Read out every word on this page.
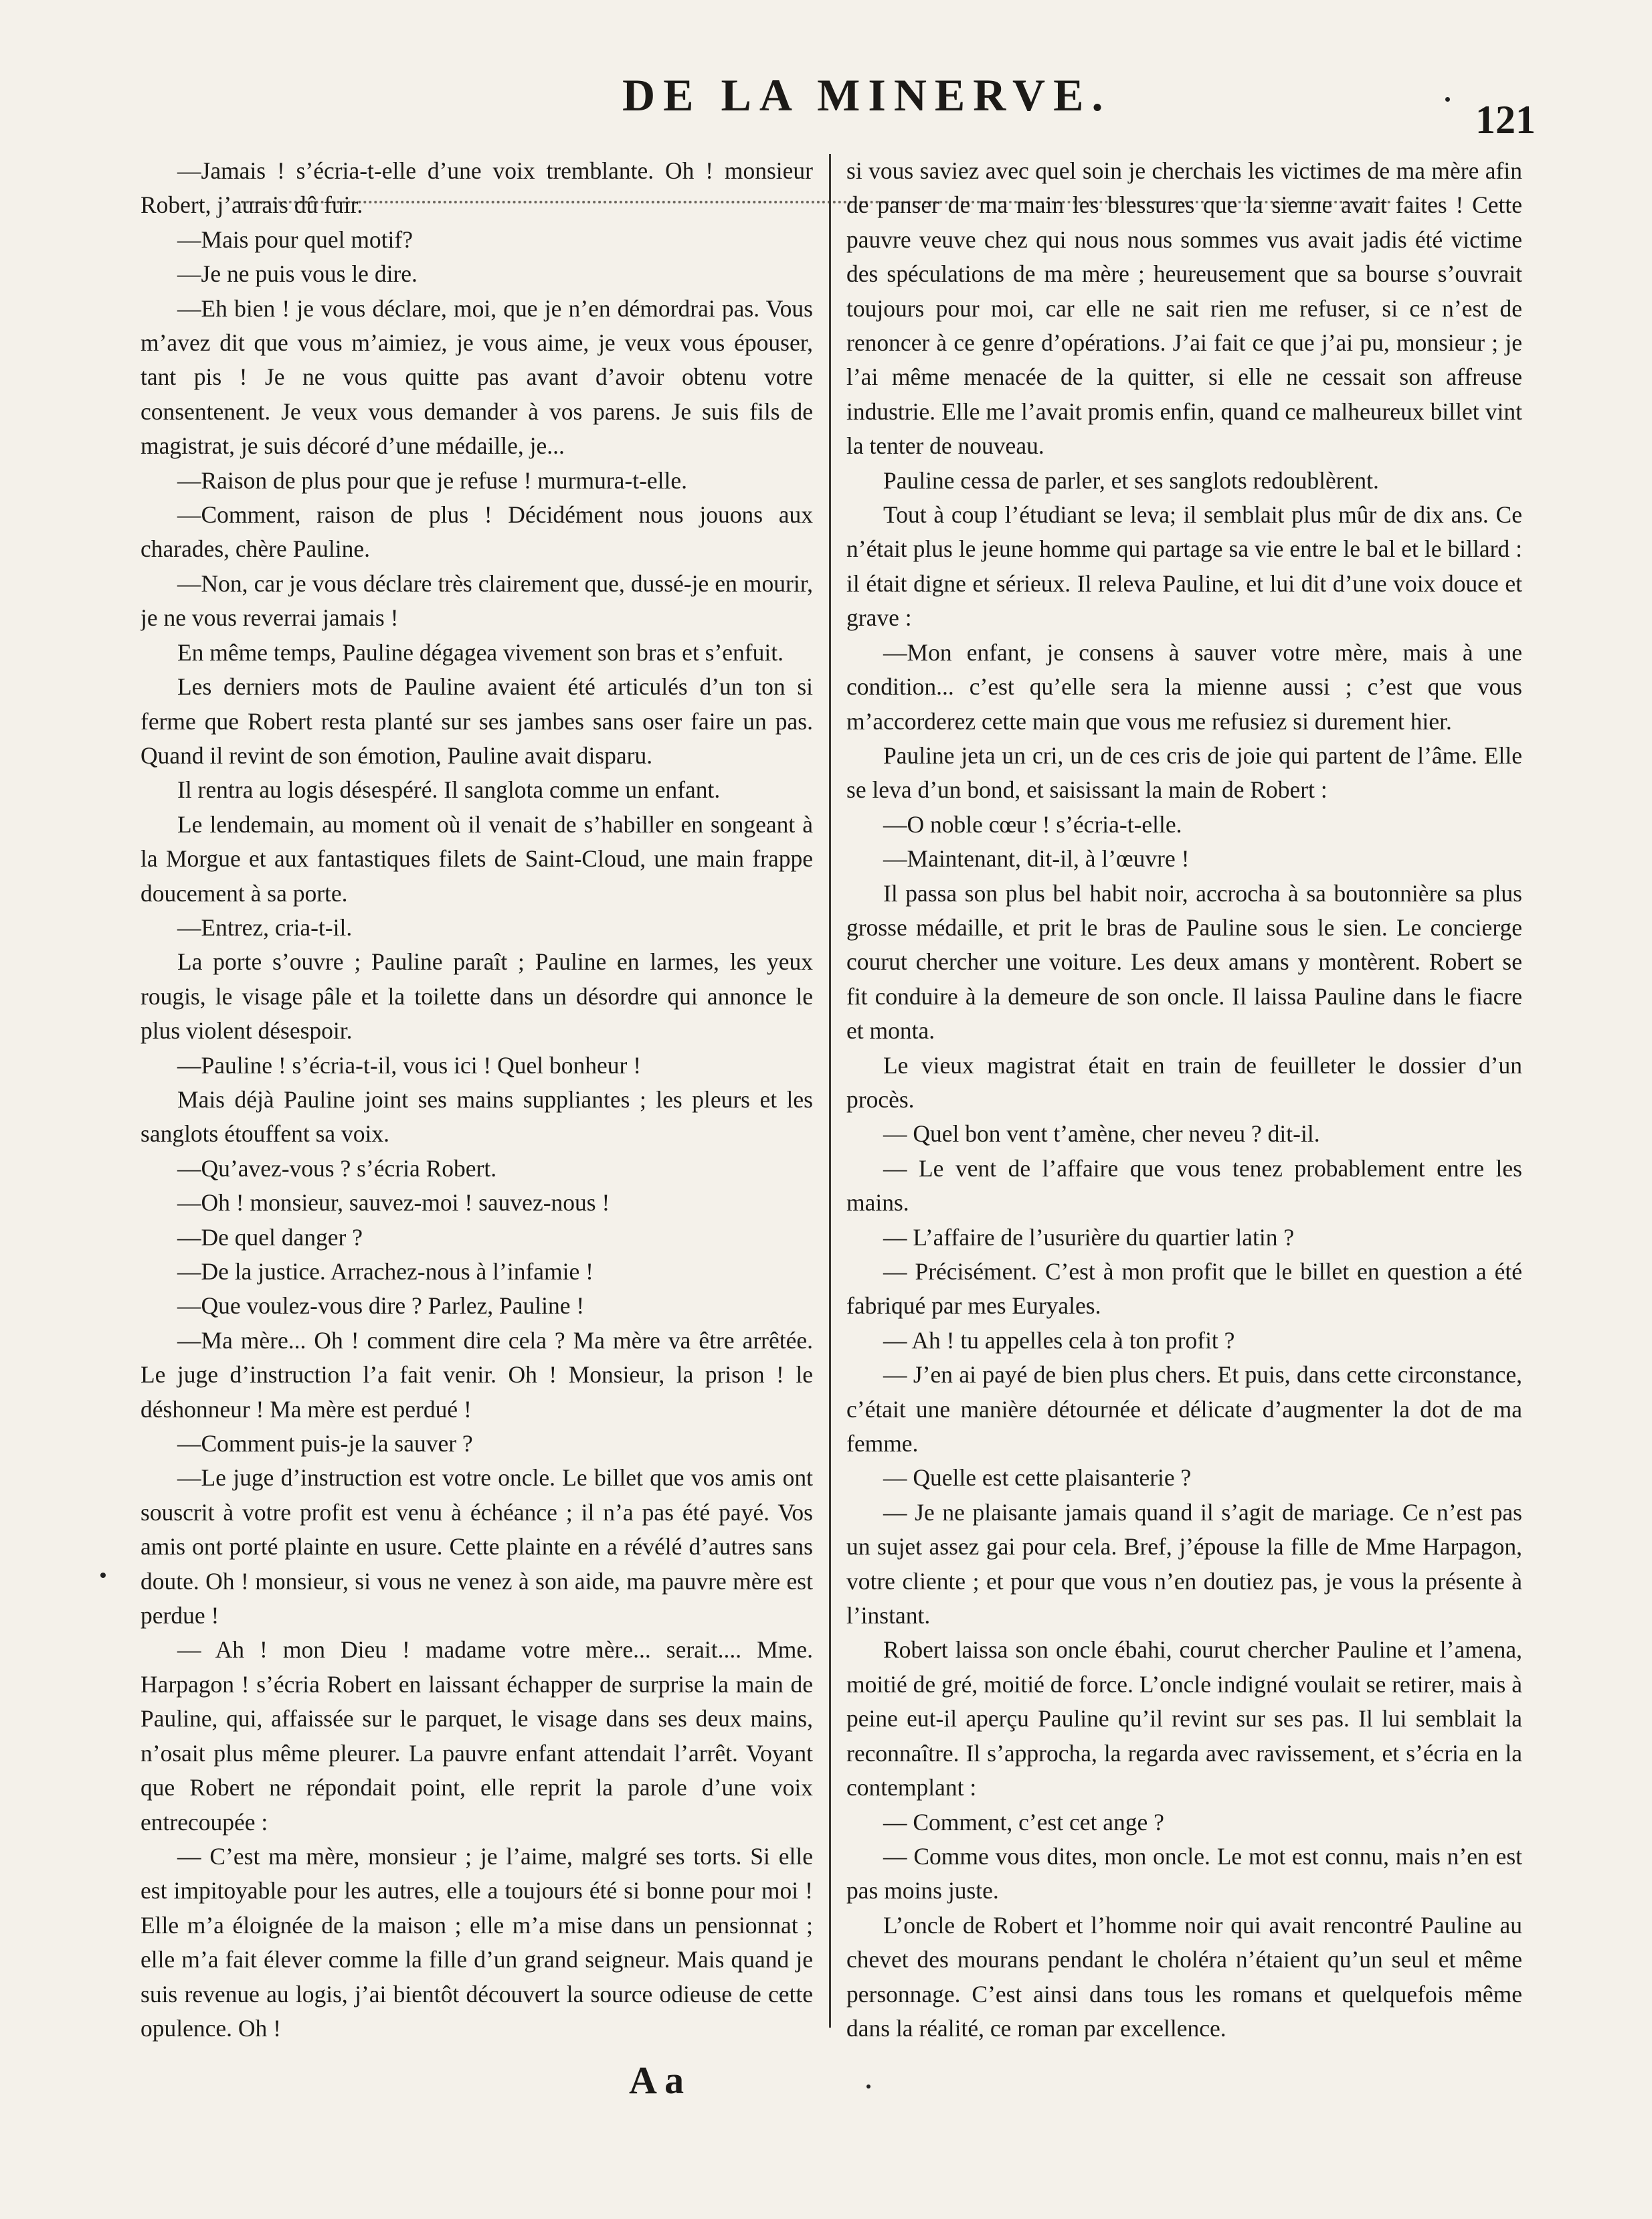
DE LA MINERVE.	121

—Jamais ! s’écria-t-elle d’une voix tremblante. Oh ! monsieur Robert, j’aurais dû fuir.

—Mais pour quel motif?

—Je ne puis vous le dire.

—Eh bien ! je vous déclare, moi, que je n’en démordrai pas. Vous m’avez dit que vous m’aimiez, je vous aime, je veux vous épouser, tant pis ! Je ne vous quitte pas avant d’avoir obtenu votre consentenent. Je veux vous demander à vos parens. Je suis fils de magistrat, je suis décoré d’une médaille, je...

—Raison de plus pour que je refuse ! murmura-t-elle.

—Comment, raison de plus ! Décidément nous jouons aux charades, chère Pauline.

—Non, car je vous déclare très clairement que, dussé-je en mourir, je ne vous reverrai jamais !

En même temps, Pauline dégagea vivement son bras et s’enfuit.

Les derniers mots de Pauline avaient été articulés d’un ton si ferme que Robert resta planté sur ses jambes sans oser faire un pas. Quand il revint de son émotion, Pauline avait disparu.

Il rentra au logis désespéré. Il sanglota comme un enfant.

Le lendemain, au moment où il venait de s’habiller en songeant à la Morgue et aux fantastiques filets de Saint-Cloud, une main frappe doucement à sa porte.

—Entrez, cria-t-il.

La porte s’ouvre ; Pauline paraît ; Pauline en larmes, les yeux rougis, le visage pâle et la toilette dans un désordre qui annonce le plus violent désespoir.

—Pauline ! s’écria-t-il, vous ici ! Quel bonheur !

Mais déjà Pauline joint ses mains suppliantes ; les pleurs et les sanglots étouffent sa voix.

—Qu’avez-vous ? s’écria Robert.

—Oh ! monsieur, sauvez-moi ! sauvez-nous !

—De quel danger ?

—De la justice. Arrachez-nous à l’infamie !

—Que voulez-vous dire ? Parlez, Pauline !

—Ma mère... Oh ! comment dire cela ? Ma mère va être arrêtée. Le juge d’instruction l’a fait venir. Oh ! Monsieur, la prison ! le déshonneur ! Ma mère est perdué !

—Comment puis-je la sauver ?

—Le juge d’instruction est votre oncle. Le billet que vos amis ont souscrit à votre profit est venu à échéance ; il n’a pas été payé. Vos amis ont porté plainte en usure. Cette plainte en a révélé d’autres sans doute. Oh ! monsieur, si vous ne venez à son aide, ma pauvre mère est perdue !

— Ah ! mon Dieu ! madame votre mère... serait.... Mme. Harpagon ! s’écria Robert en laissant échapper de surprise la main de Pauline, qui, affaissée sur le parquet, le visage dans ses deux mains, n’osait plus même pleurer. La pauvre enfant attendait l’arrêt. Voyant que Robert ne répondait point, elle reprit la parole d’une voix entrecoupée :

— C’est ma mère, monsieur ; je l’aime, malgré ses torts. Si elle est impitoyable pour les autres, elle a toujours été si bonne pour moi ! Elle m’a éloignée de la maison ; elle m’a mise dans un pensionnat ; elle m’a fait élever comme la fille d’un grand seigneur. Mais quand je suis revenue au logis, j’ai bientôt découvert la source odieuse de cette opulence. Oh !

si vous saviez avec quel soin je cherchais les victimes de ma mère afin de panser de ma main les blessures que la sienne avait faites ! Cette pauvre veuve chez qui nous nous sommes vus avait jadis été victime des spéculations de ma mère ; heureusement que sa bourse s’ouvrait toujours pour moi, car elle ne sait rien me refuser, si ce n’est de renoncer à ce genre d’opérations. J’ai fait ce que j’ai pu, monsieur ; je l’ai même menacée de la quitter, si elle ne cessait son affreuse industrie. Elle me l’avait promis enfin, quand ce malheureux billet vint la tenter de nouveau.

Pauline cessa de parler, et ses sanglots redoublèrent.

Tout à coup l’étudiant se leva; il semblait plus mûr de dix ans. Ce n’était plus le jeune homme qui partage sa vie entre le bal et le billard : il était digne et sérieux. Il releva Pauline, et lui dit d’une voix douce et grave :

—Mon enfant, je consens à sauver votre mère, mais à une condition... c’est qu’elle sera la mienne aussi ; c’est que vous m’accorderez cette main que vous me refusiez si durement hier.

Pauline jeta un cri, un de ces cris de joie qui partent de l’âme. Elle se leva d’un bond, et saisissant la main de Robert :

—O noble cœur ! s’écria-t-elle.

—Maintenant, dit-il, à l’œuvre !

Il passa son plus bel habit noir, accrocha à sa boutonnière sa plus grosse médaille, et prit le bras de Pauline sous le sien. Le concierge courut chercher une voiture. Les deux amans y montèrent. Robert se fit conduire à la demeure de son oncle. Il laissa Pauline dans le fiacre et monta.

Le vieux magistrat était en train de feuilleter le dossier d’un procès.

— Quel bon vent t’amène, cher neveu ? dit-il.

— Le vent de l’affaire que vous tenez probablement entre les mains.

— L’affaire de l’usurière du quartier latin ?

— Précisément. C’est à mon profit que le billet en question a été fabriqué par mes Euryales.

— Ah ! tu appelles cela à ton profit ?

— J’en ai payé de bien plus chers. Et puis, dans cette circonstance, c’était une manière détournée et délicate d’augmenter la dot de ma femme.

— Quelle est cette plaisanterie ?

— Je ne plaisante jamais quand il s’agit de mariage. Ce n’est pas un sujet assez gai pour cela. Bref, j’épouse la fille de Mme Harpagon, votre cliente ; et pour que vous n’en doutiez pas, je vous la présente à l’instant.

Robert laissa son oncle ébahi, courut chercher Pauline et l’amena, moitié de gré, moitié de force. L’oncle indigné voulait se retirer, mais à peine eut-il aperçu Pauline qu’il revint sur ses pas. Il lui semblait la reconnaître. Il s’approcha, la regarda avec ravissement, et s’écria en la contemplant :

— Comment, c’est cet ange ?

— Comme vous dites, mon oncle. Le mot est connu, mais n’en est pas moins juste.

L’oncle de Robert et l’homme noir qui avait rencontré Pauline au chevet des mourans pendant le choléra n’étaient qu’un seul et même personnage. C’est ainsi dans tous les romans et quelquefois même dans la réalité, ce roman par excellence.

A a
